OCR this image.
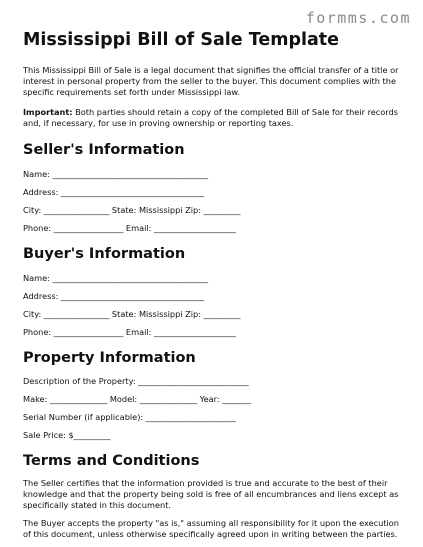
formms.com
Mississippi Bill of Sale Template

This Mississippi Bill of Sale is a legal document that signifies the official transfer of a title or interest in personal property from the seller to the buyer. This document complies with the specific requirements set forth under Mississippi law.

Important: Both parties should retain a copy of the completed Bill of Sale for their records and, if necessary, for use in proving ownership or reporting taxes.

Seller's Information
Name: ______________________________________
Address: ___________________________________
City: ________________ State: Mississippi Zip: _________
Phone: _________________ Email: ____________________
Buyer's Information
Name: ______________________________________
Address: ___________________________________
City: ________________ State: Mississippi Zip: _________
Phone: _________________ Email: ____________________
Property Information
Description of the Property: ___________________________
Make: ______________ Model: ______________ Year: _______
Serial Number (if applicable): ______________________
Sale Price: $_________
Terms and Conditions

The Seller certifies that the information provided is true and accurate to the best of their knowledge and that the property being sold is free of all encumbrances and liens except as specifically stated in this document.

The Buyer accepts the property "as is," assuming all responsibility for it upon the execution of this document, unless otherwise specifically agreed upon in writing between the parties.
